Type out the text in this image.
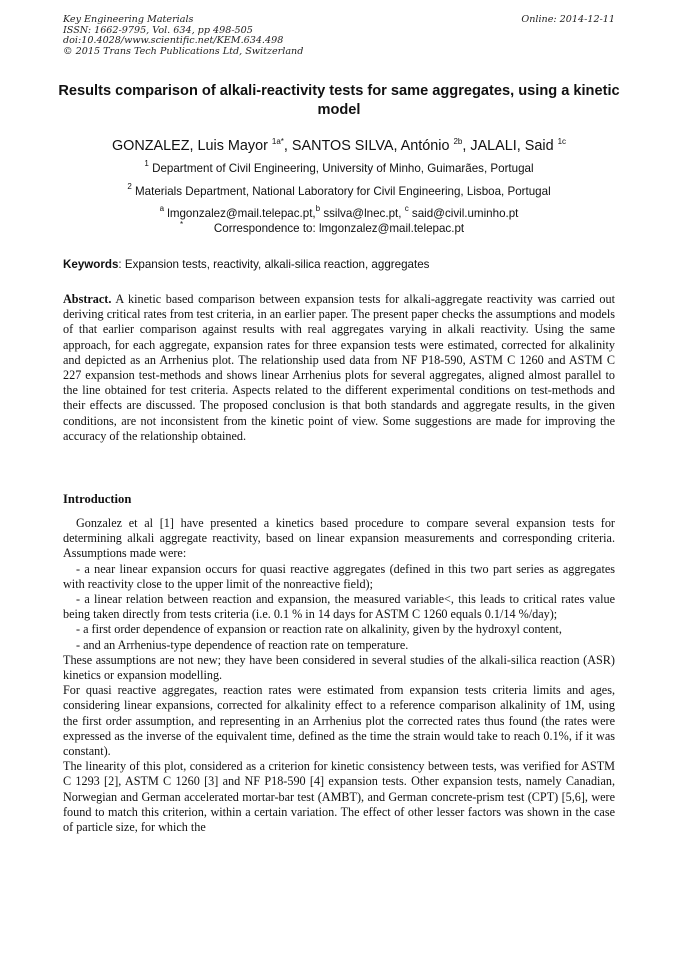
Key Engineering Materials
ISSN: 1662-9795, Vol. 634, pp 498-505
doi:10.4028/www.scientific.net/KEM.634.498
© 2015 Trans Tech Publications Ltd, Switzerland
Online: 2014-12-11
Results comparison of alkali-reactivity tests for same aggregates, using a kinetic model
GONZALEZ, Luis Mayor $^{1a*}$, SANTOS SILVA, António $^{2b}$, JALALI, Said $^{1c}$
$^1$ Department of Civil Engineering, University of Minho, Guimarães, Portugal
$^2$ Materials Department, National Laboratory for Civil Engineering, Lisboa, Portugal
$^a$ lmgonzalez@mail.telepac.pt,$^b$ ssilva@lnec.pt, $^c$ said@civil.uminho.pt
*	Correspondence to: lmgonzalez@mail.telepac.pt
Keywords: Expansion tests, reactivity, alkali-silica reaction, aggregates

Abstract. A kinetic based comparison between expansion tests for alkali-aggregate reactivity was carried out deriving critical rates from test criteria, in an earlier paper. The present paper checks the assumptions and models of that earlier comparison against results with real aggregates varying in alkali reactivity. Using the same approach, for each aggregate, expansion rates for three expansion tests were estimated, corrected for alkalinity and depicted as an Arrhenius plot. The relationship used data from NF P18-590, ASTM C 1260 and ASTM C 227 expansion test-methods and shows linear Arrhenius plots for several aggregates, aligned almost parallel to the line obtained for test criteria. Aspects related to the different experimental conditions on test-methods and their effects are discussed. The proposed conclusion is that both standards and aggregate results, in the given conditions, are not inconsistent from the kinetic point of view. Some suggestions are made for improving the accuracy of the relationship obtained.

Introduction

Gonzalez et al [1] have presented a kinetics based procedure to compare several expansion tests for determining alkali aggregate reactivity, based on linear expansion measurements and corresponding criteria. Assumptions made were:

- a near linear expansion occurs for quasi reactive aggregates (defined in this two part series as aggregates with reactivity close to the upper limit of the nonreactive field);

- a linear relation between reaction and expansion, the measured variable<, this leads to critical rates value being taken directly from tests criteria (i.e. 0.1 % in 14 days for ASTM C 1260 equals 0.1/14 %/day);

- a first order dependence of expansion or reaction rate on alkalinity, given by the hydroxyl content,

- and an Arrhenius-type dependence of reaction rate on temperature.

These assumptions are not new; they have been considered in several studies of the alkali-silica reaction (ASR) kinetics or expansion modelling.

For quasi reactive aggregates, reaction rates were estimated from expansion tests criteria limits and ages, considering linear expansions, corrected for alkalinity effect to a reference comparison alkalinity of 1M, using the first order assumption, and representing in an Arrhenius plot the corrected rates thus found (the rates were expressed as the inverse of the equivalent time, defined as the time the strain would take to reach 0.1%, if it was constant).

The linearity of this plot, considered as a criterion for kinetic consistency between tests, was verified for ASTM C 1293 [2], ASTM C 1260 [3] and NF P18-590 [4] expansion tests. Other expansion tests, namely Canadian, Norwegian and German accelerated mortar-bar test (AMBT), and German concrete-prism test (CPT) [5,6], were found to match this criterion, within a certain variation. The effect of other lesser factors was shown in the case of particle size, for which the
